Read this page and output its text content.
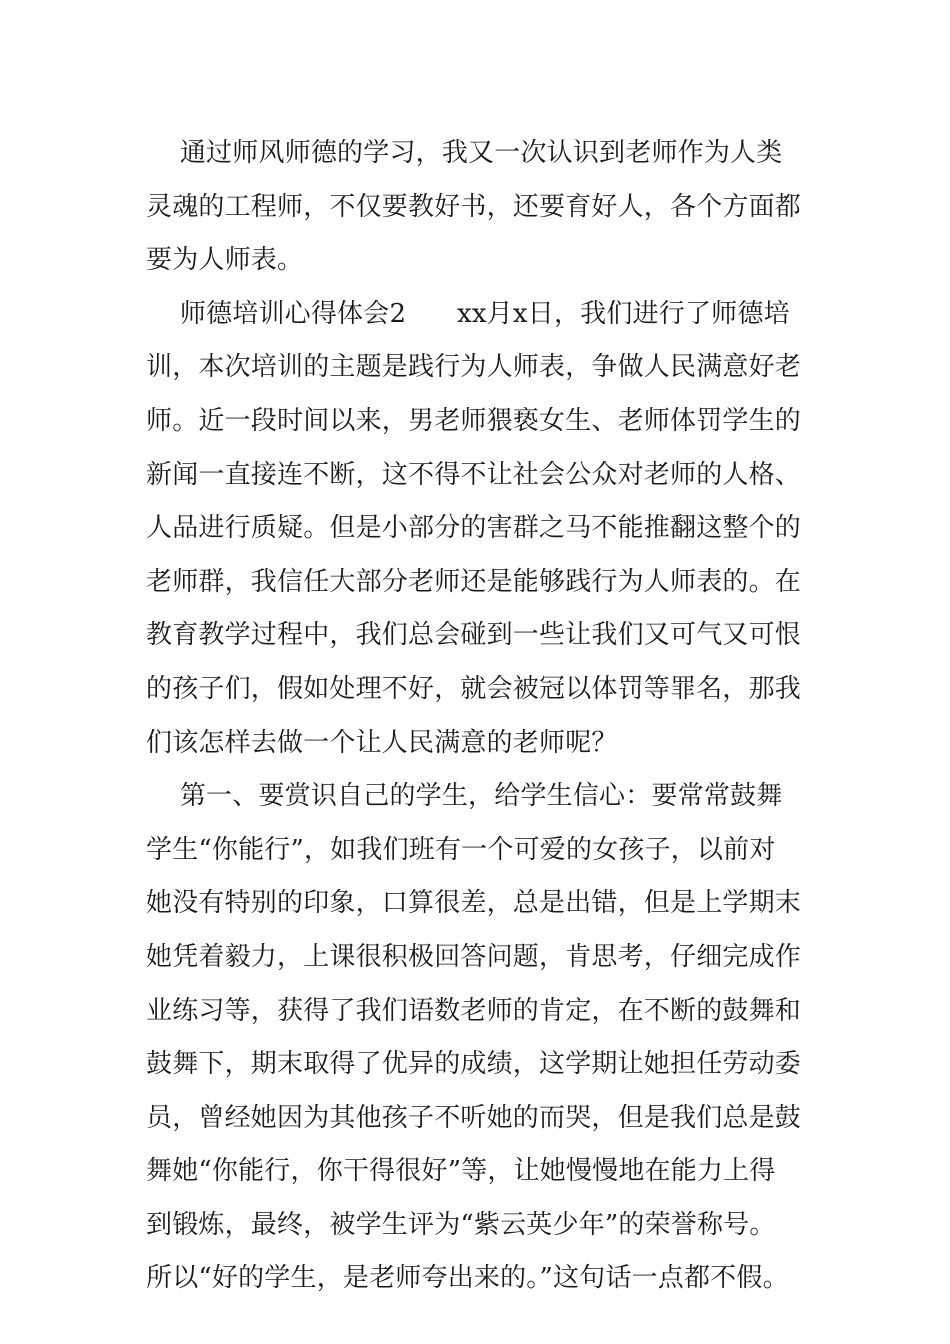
通过师风师德的学习，我又一次认识到老师作为人类
灵魂的工程师，不仅要教好书，还要育好人，各个方面都
要为人师表。
师德培训心得体会2      xx月x日，我们进行了师德培
训，本次培训的主题是践行为人师表，争做人民满意好老
师。近一段时间以来，男老师猥亵女生、老师体罚学生的
新闻一直接连不断，这不得不让社会公众对老师的人格、
人品进行质疑。但是小部分的害群之马不能推翻这整个的
老师群，我信任大部分老师还是能够践行为人师表的。在
教育教学过程中，我们总会碰到一些让我们又可气又可恨
的孩子们，假如处理不好，就会被冠以体罚等罪名，那我
们该怎样去做一个让人民满意的老师呢？
第一、要赏识自己的学生，给学生信心：要常常鼓舞
学生“你能行”，如我们班有一个可爱的女孩子，以前对
她没有特别的印象，口算很差，总是出错，但是上学期末
她凭着毅力，上课很积极回答问题，肯思考，仔细完成作
业练习等，获得了我们语数老师的肯定，在不断的鼓舞和
鼓舞下，期末取得了优异的成绩，这学期让她担任劳动委
员，曾经她因为其他孩子不听她的而哭，但是我们总是鼓
舞她“你能行，你干得很好”等，让她慢慢地在能力上得
到锻炼，最终，被学生评为“紫云英少年”的荣誉称号。
所以“好的学生，是老师夸出来的。”这句话一点都不假。
